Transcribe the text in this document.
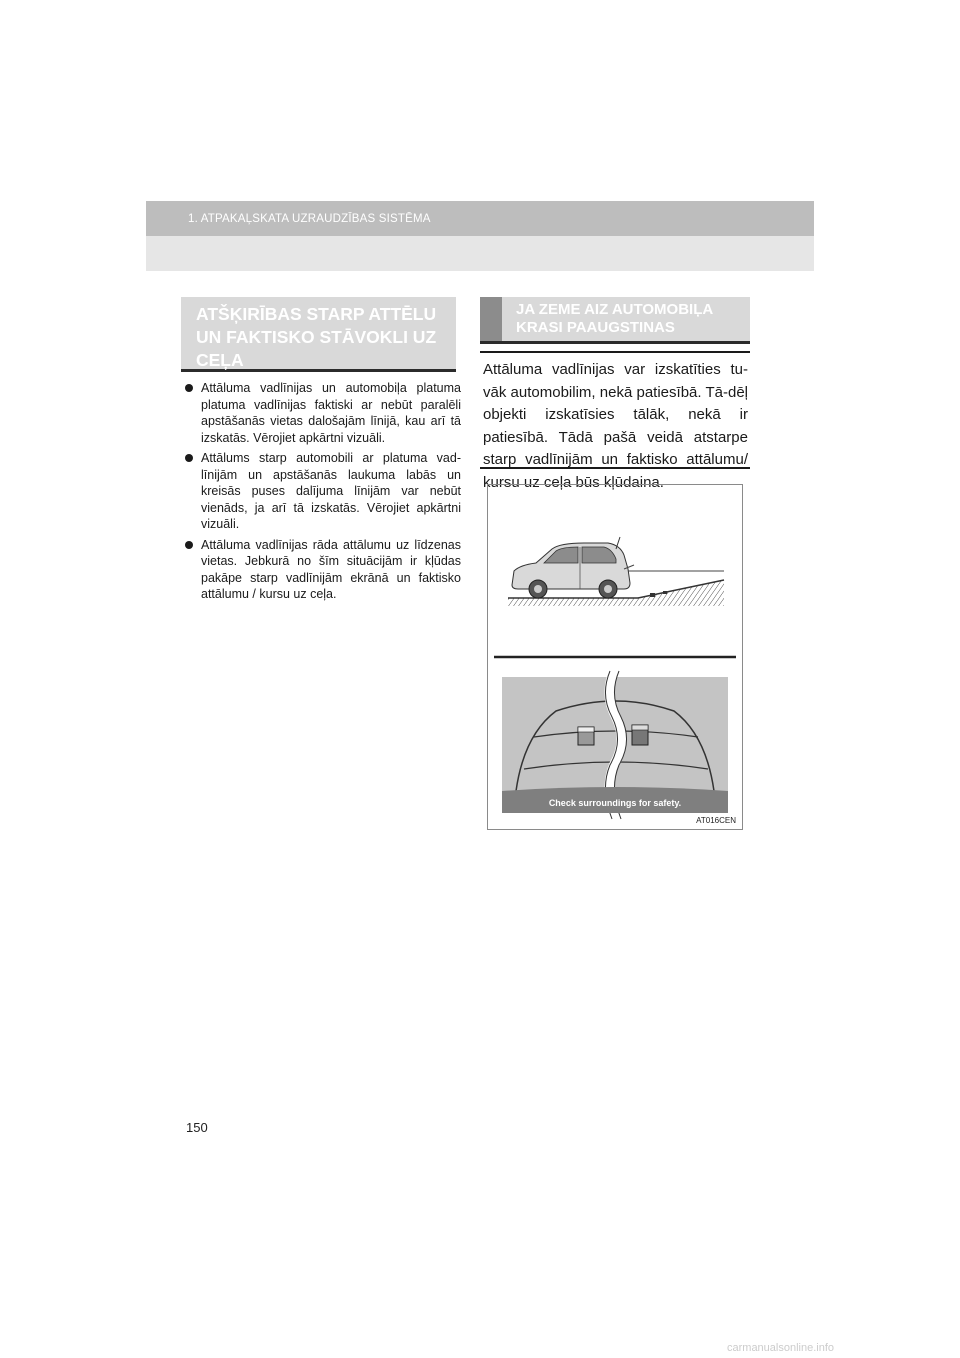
1. ATPAKAĻSKATA UZRAUDZĪBAS SISTĒMA
ATŠĶIRĪBAS STARP ATTĒLU UN FAKTISKO STĀVOKLI UZ CEĻA
Attāluma vadlīnijas un automobiļa platuma platuma vadlīnijas faktiski ar nebūt paralēli apstāšanās vietas dalošajām līnijā, kau arī tā izskatās. Vērojiet apkārtni vizuāli.
Attālums starp automobili ar platuma vad-līnijām un apstāšanās laukuma labās un kreisās puses dalījuma līnijām var nebūt vienāds, ja arī tā izskatās. Vērojiet apkārtni vizuāli.
Attāluma vadlīnijas rāda attālumu uz līdzenas vietas. Jebkurā no šīm situācijām ir kļūdas pakāpe starp vadlīnijām ekrānā un faktisko attālumu / kursu uz ceļa.
JA ZEME AIZ AUTOMOBIĻA KRASI PAAUGSTINAS

Attāluma vadlīnijas var izskatīties tu-vāk automobilim, nekā patiesībā. Tā-dēļ objekti izskatīsies tālāk, nekā ir patiesībā. Tādā pašā veidā atstarpe starp vadlīnijām un faktisko attālumu/ kursu uz ceļa būs kļūdaina.

Check surroundings for safety.
AT016CEN
150
carmanualsonline.info
